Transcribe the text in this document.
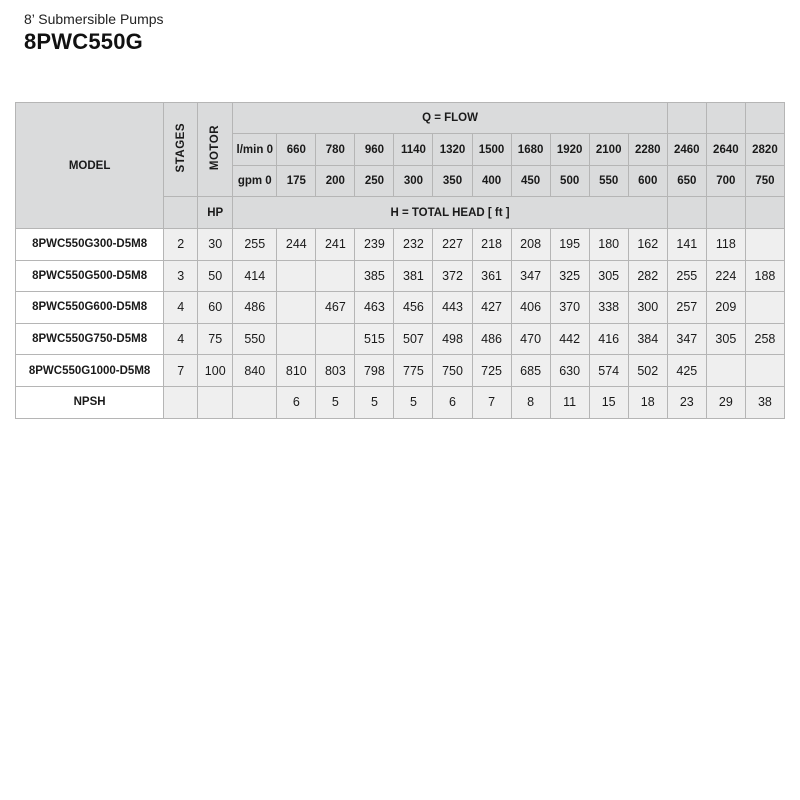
8’ Submersible Pumps
8PWC550G
MODEL	STAGES	MOTOR	Q = FLOW													
			l/min 0	660	780	960	1140	1320	1500	1680	1920	2100	2280	2460	2640	2820
			gpm 0	175	200	250	300	350	400	450	500	550	600	650	700	750
		HP	H = TOTAL HEAD [ ft ]													
8PWC550G300-D5M8	2	30	255	244	241	239	232	227	218	208	195	180	162	141	118	
8PWC550G500-D5M8	3	50	414			385	381	372	361	347	325	305	282	255	224	188
8PWC550G600-D5M8	4	60	486		467	463	456	443	427	406	370	338	300	257	209	
8PWC550G750-D5M8	4	75	550			515	507	498	486	470	442	416	384	347	305	258
8PWC550G1000-D5M8	7	100	840	810	803	798	775	750	725	685	630	574	502	425		
NPSH				6	5	5	5	6	7	8	11	15	18	23	29	38
